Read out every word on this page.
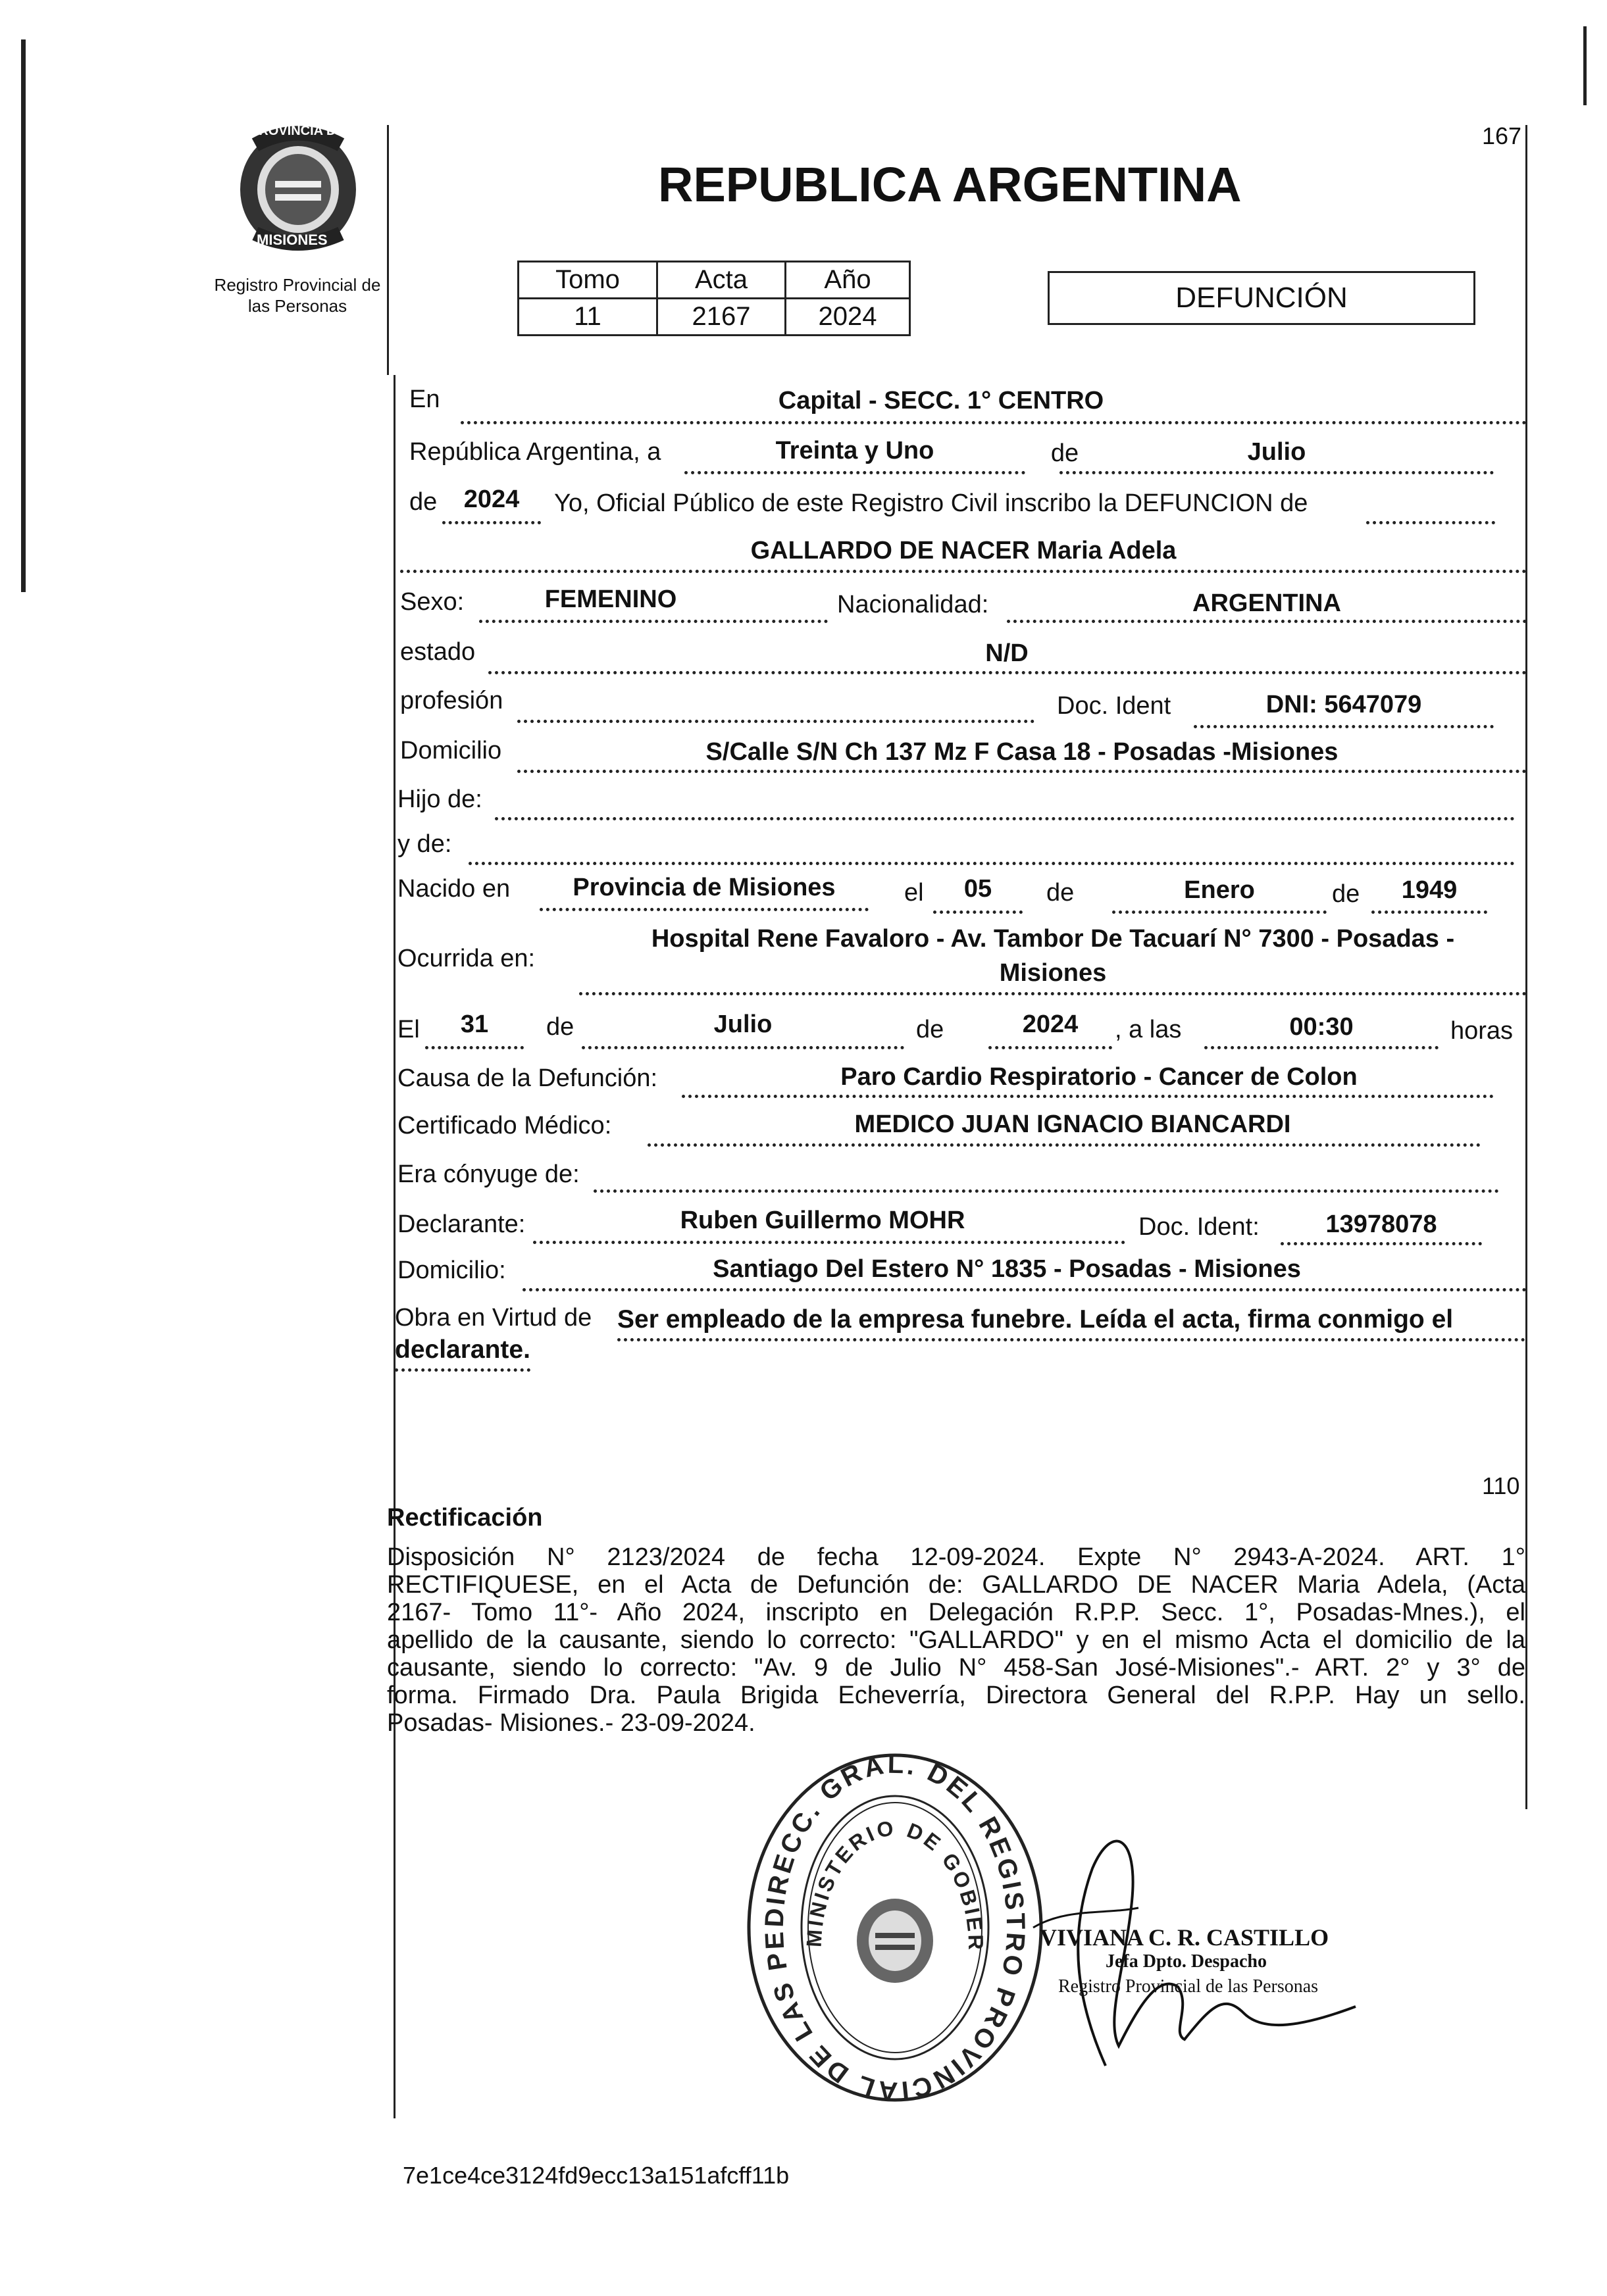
PROVINCIA DE
MISIONES
Registro Provincial de
las Personas
167
REPUBLICA ARGENTINA
Tomo	Acta	Año
11	2167	2024
DEFUNCIÓN
En	Capital - SECC. 1° CENTRO
República Argentina, a	Treinta y Uno	de	Julio
de	2024	Yo, Oficial Público de este Registro Civil inscribo la DEFUNCION de
GALLARDO DE NACER Maria Adela
Sexo:	FEMENINO	Nacionalidad:	ARGENTINA
estado	N/D
profesión	Doc. Ident	DNI: 5647079
Domicilio	S/Calle S/N Ch 137 Mz F Casa 18 - Posadas -Misiones
Hijo de:
y de:
Nacido en	Provincia de Misiones	el	05	de	Enero	de	1949
Ocurrida en:
Hospital Rene Favaloro - Av. Tambor De Tacuarí N° 7300 - Posadas -
Misiones
El	31	de	Julio	de	2024	, a las	00:30	horas
Causa de la Defunción:	Paro Cardio Respiratorio - Cancer de Colon
Certificado Médico:	MEDICO JUAN IGNACIO BIANCARDI
Era cónyuge de:
Declarante:	Ruben Guillermo MOHR	Doc. Ident:	13978078
Domicilio:	Santiago Del Estero N° 1835 - Posadas - Misiones
Obra en Virtud de Ser empleado de la empresa funebre. Leída el acta, firma conmigo el
declarante.
110
Rectificación
Disposición N° 2123/2024 de fecha 12-09-2024. Expte N° 2943-A-2024. ART. 1°
RECTIFIQUESE, en el Acta de Defunción de: GALLARDO DE NACER Maria Adela, (Acta
2167- Tomo 11°- Año 2024, inscripto en Delegación R.P.P. Secc. 1°, Posadas-Mnes.), el
apellido de la causante, siendo lo correcto: "GALLARDO" y en el mismo Acta el domicilio de la
causante, siendo lo correcto: "Av. 9 de Julio N° 458-San José-Misiones".- ART. 2° y 3° de
forma. Firmado Dra. Paula Brigida Echeverría, Directora General del R.P.P. Hay un sello.
Posadas- Misiones.- 23-09-2024.
DIRECC. GRAL. DEL REGISTRO PROVINCIAL DE LAS PE MINISTERIO DE GOBIER VIVIANA C. R. CASTILLO
Jefa Dpto. Despacho
Registro Provincial de las Personas
7e1ce4ce3124fd9ecc13a151afcff11b
